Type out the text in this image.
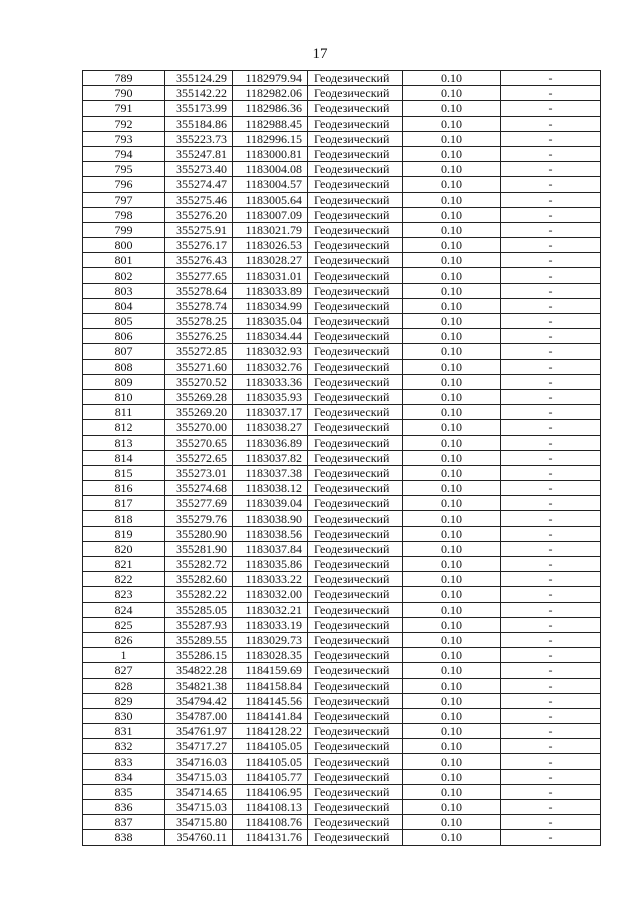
17
789	355124.29	1182979.94	Геодезический	0.10	-
790	355142.22	1182982.06	Геодезический	0.10	-
791	355173.99	1182986.36	Геодезический	0.10	-
792	355184.86	1182988.45	Геодезический	0.10	-
793	355223.73	1182996.15	Геодезический	0.10	-
794	355247.81	1183000.81	Геодезический	0.10	-
795	355273.40	1183004.08	Геодезический	0.10	-
796	355274.47	1183004.57	Геодезический	0.10	-
797	355275.46	1183005.64	Геодезический	0.10	-
798	355276.20	1183007.09	Геодезический	0.10	-
799	355275.91	1183021.79	Геодезический	0.10	-
800	355276.17	1183026.53	Геодезический	0.10	-
801	355276.43	1183028.27	Геодезический	0.10	-
802	355277.65	1183031.01	Геодезический	0.10	-
803	355278.64	1183033.89	Геодезический	0.10	-
804	355278.74	1183034.99	Геодезический	0.10	-
805	355278.25	1183035.04	Геодезический	0.10	-
806	355276.25	1183034.44	Геодезический	0.10	-
807	355272.85	1183032.93	Геодезический	0.10	-
808	355271.60	1183032.76	Геодезический	0.10	-
809	355270.52	1183033.36	Геодезический	0.10	-
810	355269.28	1183035.93	Геодезический	0.10	-
811	355269.20	1183037.17	Геодезический	0.10	-
812	355270.00	1183038.27	Геодезический	0.10	-
813	355270.65	1183036.89	Геодезический	0.10	-
814	355272.65	1183037.82	Геодезический	0.10	-
815	355273.01	1183037.38	Геодезический	0.10	-
816	355274.68	1183038.12	Геодезический	0.10	-
817	355277.69	1183039.04	Геодезический	0.10	-
818	355279.76	1183038.90	Геодезический	0.10	-
819	355280.90	1183038.56	Геодезический	0.10	-
820	355281.90	1183037.84	Геодезический	0.10	-
821	355282.72	1183035.86	Геодезический	0.10	-
822	355282.60	1183033.22	Геодезический	0.10	-
823	355282.22	1183032.00	Геодезический	0.10	-
824	355285.05	1183032.21	Геодезический	0.10	-
825	355287.93	1183033.19	Геодезический	0.10	-
826	355289.55	1183029.73	Геодезический	0.10	-
1	355286.15	1183028.35	Геодезический	0.10	-
827	354822.28	1184159.69	Геодезический	0.10	-
828	354821.38	1184158.84	Геодезический	0.10	-
829	354794.42	1184145.56	Геодезический	0.10	-
830	354787.00	1184141.84	Геодезический	0.10	-
831	354761.97	1184128.22	Геодезический	0.10	-
832	354717.27	1184105.05	Геодезический	0.10	-
833	354716.03	1184105.05	Геодезический	0.10	-
834	354715.03	1184105.77	Геодезический	0.10	-
835	354714.65	1184106.95	Геодезический	0.10	-
836	354715.03	1184108.13	Геодезический	0.10	-
837	354715.80	1184108.76	Геодезический	0.10	-
838	354760.11	1184131.76	Геодезический	0.10	-
